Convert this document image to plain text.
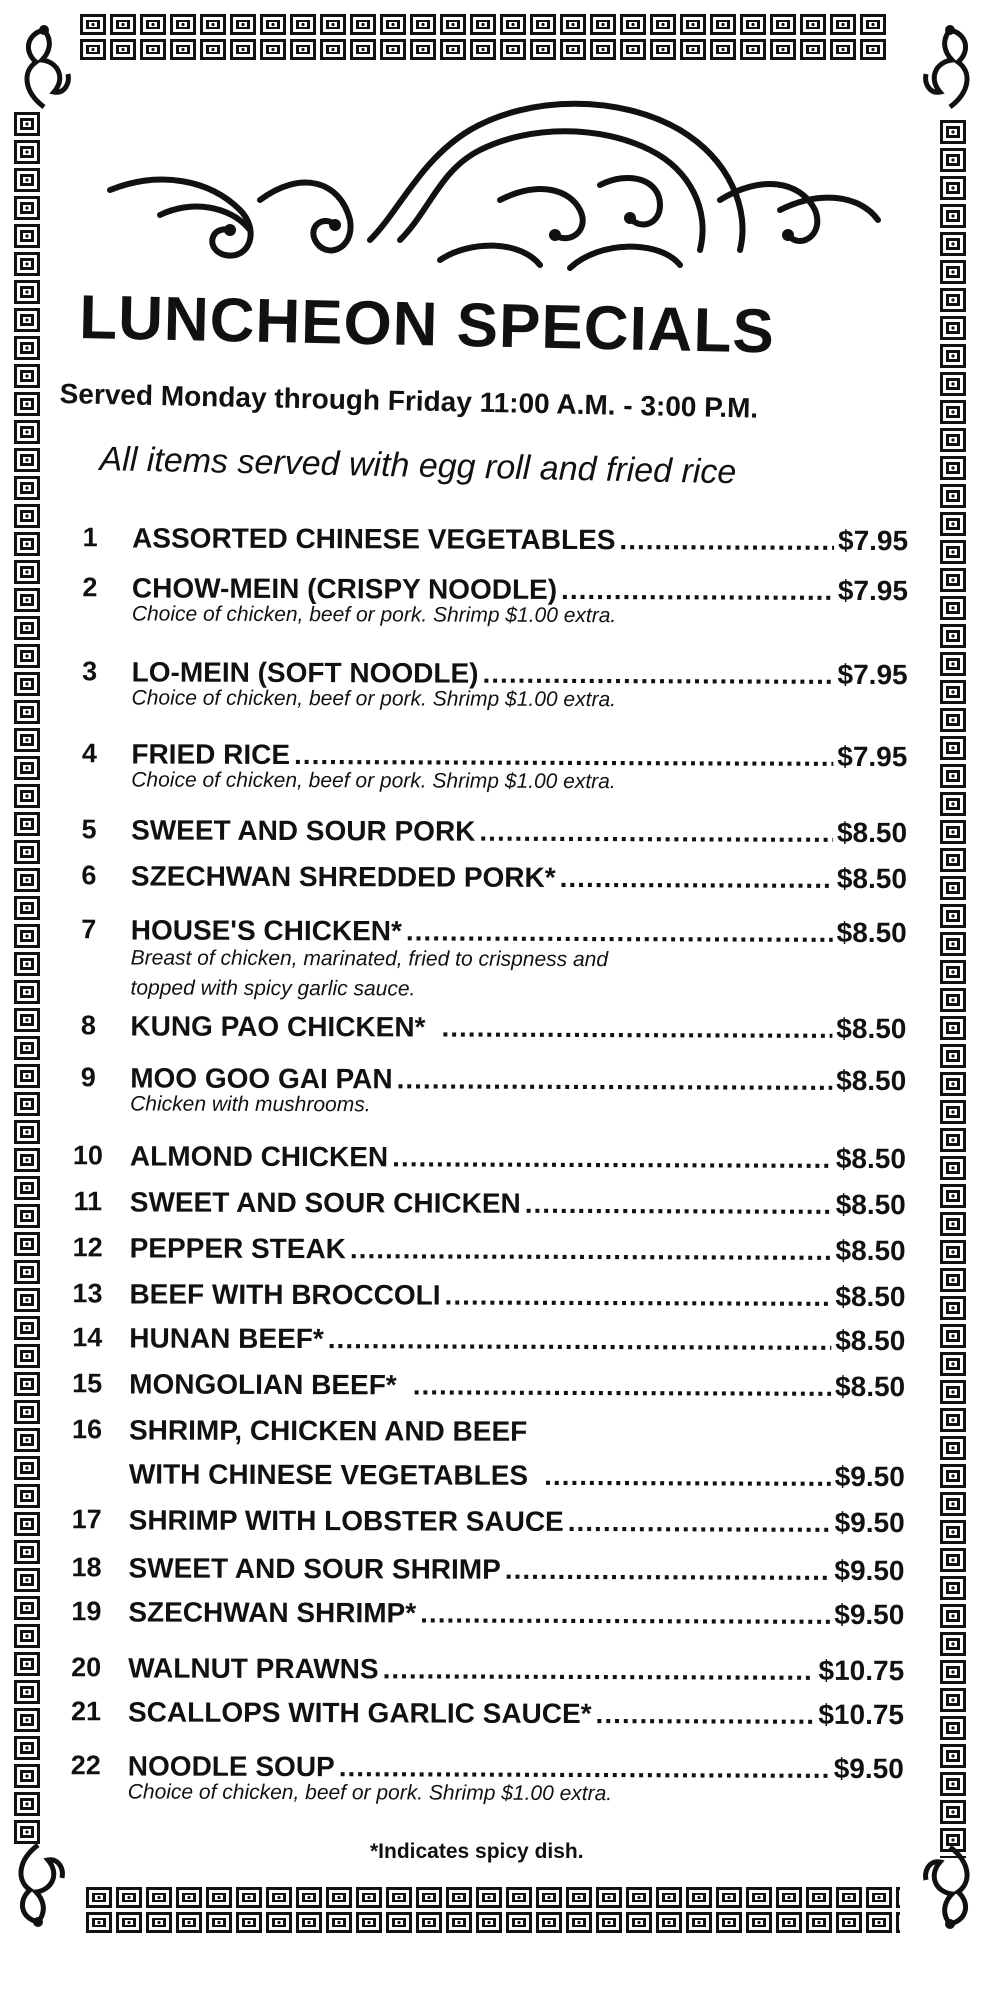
LUNCHEON SPECIALS
Served Monday through Friday 11:00 A.M. - 3:00 P.M.
All items served with egg roll and fried rice
1	ASSORTED CHINESE VEGETABLES .....	$7.95
2	CHOW-MEIN (CRISPY NOODLE) .....	$7.95
Choice of chicken, beef or pork. Shrimp $1.00 extra.
3	LO-MEIN (SOFT NOODLE) .....	$7.95
Choice of chicken, beef or pork. Shrimp $1.00 extra.
4	FRIED RICE .....	$7.95
Choice of chicken, beef or pork. Shrimp $1.00 extra.
5	SWEET AND SOUR PORK .....	$8.50
6	SZECHWAN SHREDDED PORK* .....	$8.50
7	HOUSE'S CHICKEN* .....	$8.50
Breast of chicken, marinated, fried to crispness and
topped with spicy garlic sauce.
8	KUNG PAO CHICKEN* .....	$8.50
9	MOO GOO GAI PAN .....	$8.50
Chicken with mushrooms.
10 ALMOND CHICKEN .....	$8.50
11 SWEET AND SOUR CHICKEN .....	$8.50
12 PEPPER STEAK .....	$8.50
13 BEEF WITH BROCCOLI .....	$8.50
14 HUNAN BEEF* .....	$8.50
15 MONGOLIAN BEEF* .....	$8.50
16 SHRIMP, CHICKEN AND BEEF
WITH CHINESE VEGETABLES .....	$9.50
17 SHRIMP WITH LOBSTER SAUCE .....	$9.50
18 SWEET AND SOUR SHRIMP .....	$9.50
19 SZECHWAN SHRIMP* .....	$9.50
20 WALNUT PRAWNS .....	$10.75
21 SCALLOPS WITH GARLIC SAUCE* .....	$10.75
22 NOODLE SOUP .....	$9.50
Choice of chicken, beef or pork. Shrimp $1.00 extra.
*Indicates spicy dish.
